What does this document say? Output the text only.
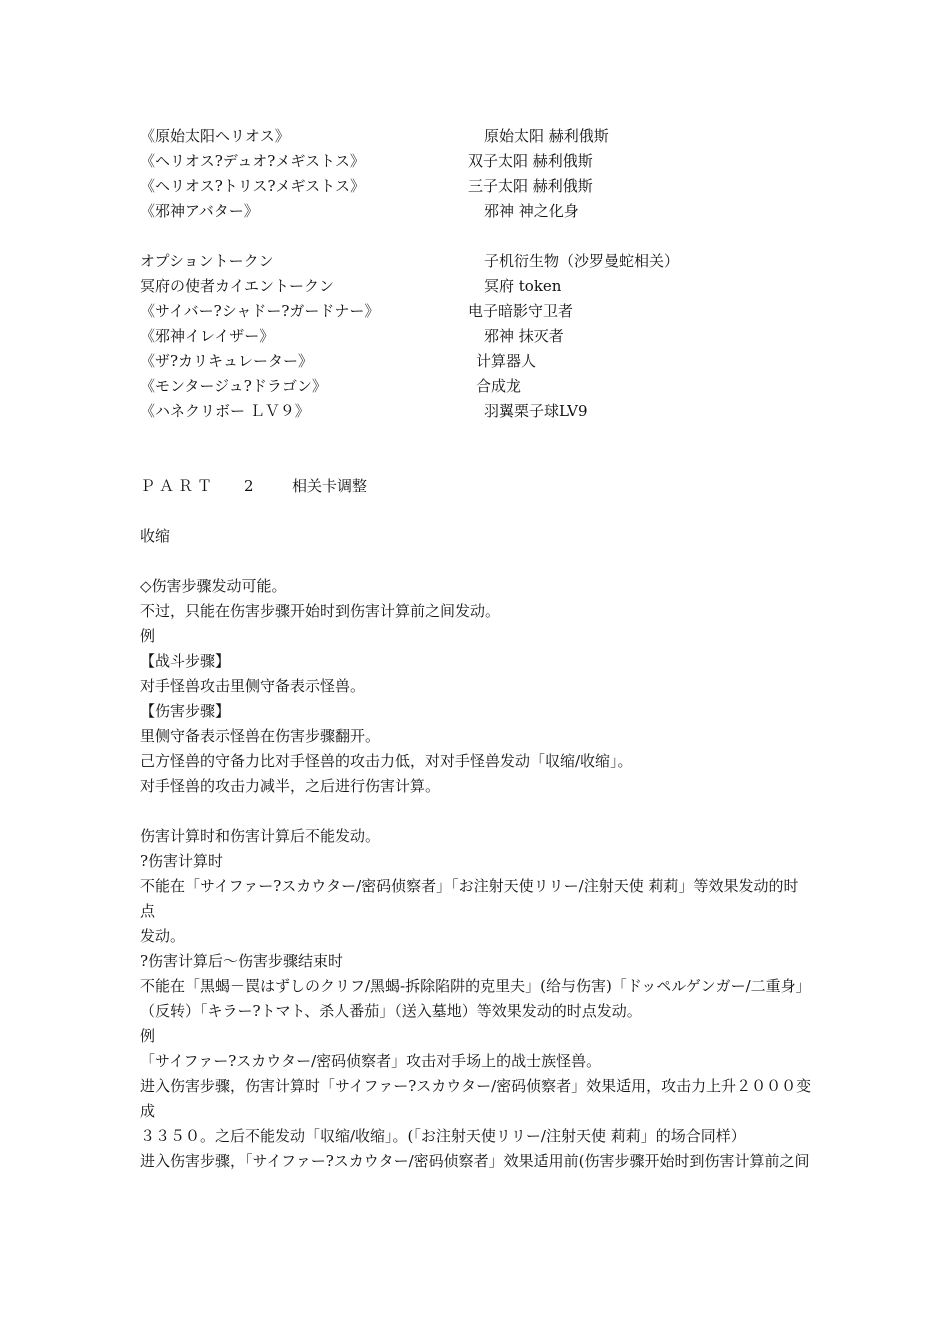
《原始太阳ヘリオス》	原始太阳 赫利俄斯
《ヘリオス?デュオ?メギストス》	双子太阳 赫利俄斯
《ヘリオス?トリス?メギストス》	三子太阳 赫利俄斯
《邪神アバター》	邪神 神之化身
オプショントークン	子机衍生物（沙罗曼蛇相关）
冥府の使者カイエントークン	冥府 token
《サイバー?シャドー?ガードナー》	电子暗影守卫者
《邪神イレイザー》	邪神 抹灭者
《ザ?カリキュレーター》	计算器人
《モンタージュ?ドラゴン》	合成龙
《ハネクリボー ＬＶ９》	羽翼栗子球LV9
ＰＡＲＴ 2	相关卡调整
收缩
◇伤害步骤发动可能。
不过，只能在伤害步骤开始时到伤害计算前之间发动。
例
【战斗步骤】
对手怪兽攻击里侧守备表示怪兽。
【伤害步骤】
里侧守备表示怪兽在伤害步骤翻开。
己方怪兽的守备力比对手怪兽的攻击力低，对对手怪兽发动「収缩/收缩」。
对手怪兽的攻击力减半，之后进行伤害计算。
伤害计算时和伤害计算后不能发动。
?伤害计算时
不能在「サイファー?スカウター/密码侦察者」「お注射天使リリー/注射天使 莉莉」等效果发动的时点
发动。
?伤害计算后～伤害步骤结束时
不能在「黒蝎－罠はずしのクリフ/黑蝎-拆除陷阱的克里夫」(给与伤害)「ドッペルゲンガー/二重身」
（反转）「キラー?トマト、杀人番茄」（送入墓地）等效果发动的时点发动。
例
「サイファー?スカウター/密码侦察者」攻击对手场上的战士族怪兽。
进入伤害步骤，伤害计算时「サイファー?スカウター/密码侦察者」效果适用，攻击力上升２０００变成
３３５０。之后不能发动「収缩/收缩」。(「お注射天使リリー/注射天使 莉莉」的场合同样）
进入伤害步骤，「サイファー?スカウター/密码侦察者」效果适用前(伤害步骤开始时到伤害计算前之间
